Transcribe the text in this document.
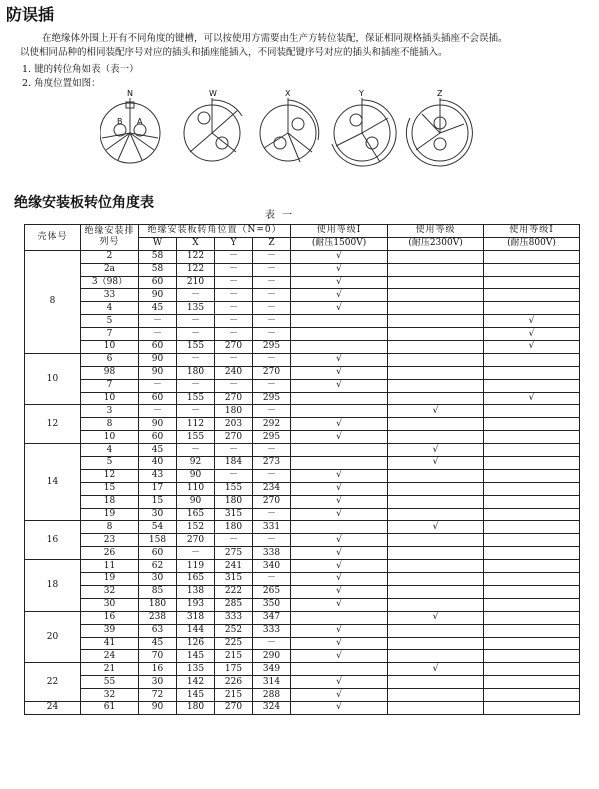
防误插
在绝缘体外围上开有不同角度的键槽，可以按使用方需要由生产方转位装配，保证相同规格插头插座不会误插。
以使相同品种的相同装配序号对应的插头和插座能插入，不同装配键序号对应的插头和插座不能插入。
1. 键的转位角如表（表一）
2. 角度位置如图：
N	W	X	Y	Z
B A
绝缘安装板转位角度表
表 一
壳体号	绝缘安装排列号	绝缘安装板转角位置（N=0）				使用等级I	使用等级	使用等级I
		W	X	Y	Z	(耐压1500V)	(耐压2300V)	(耐压800V)
8	2	58	122	－	－	√		
	2a	58	122	－	－	√		
	3（98）	60	210	－	－	√		
	33	90	－	－	－	√		
	4	45	135	－	－	√		
	5	－	－	－	－			√
	7	－	－	－	－			√
	10	60	155	270	295			√
10	6	90	－	－	－	√		
	98	90	180	240	270	√		
	7	－	－	－	－	√		
	10	60	155	270	295			√
12	3	－	－	180	－		√	
	8	90	112	203	292	√		
	10	60	155	270	295	√		
14	4	45	－	－	－		√	
	5	40	92	184	273		√	
	12	43	90	－	－	√		
	15	17	110	155	234	√		
	18	15	90	180	270	√		
	19	30	165	315	－	√		
16	8	54	152	180	331		√	
	23	158	270	－	－	√		
	26	60	－	275	338	√		
18	11	62	119	241	340	√		
	19	30	165	315	－	√		
	32	85	138	222	265	√		
	30	180	193	285	350	√		
20	16	238	318	333	347		√	
	39	63	144	252	333	√		
	41	45	126	225	－	√		
	24	70	145	215	290	√		
22	21	16	135	175	349		√	
	55	30	142	226	314	√		
	32	72	145	215	288	√		
24	61	90	180	270	324	√		
